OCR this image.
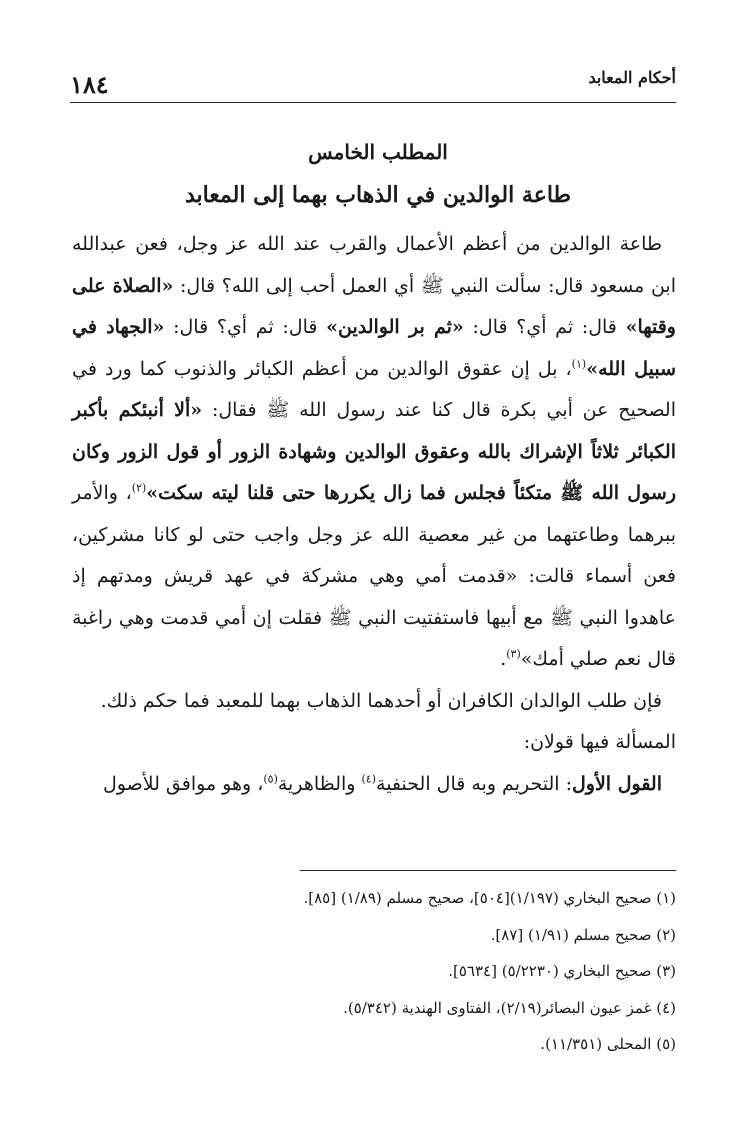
١٨٤	أحكام المعابد
المطلب الخامس
طاعة الوالدين في الذهاب بهما إلى المعابد

طاعة الوالدين من أعظم الأعمال والقرب عند الله عز وجل، فعن عبدالله ابن مسعود قال: سألت النبي ﷺ أي العمل أحب إلى الله؟ قال: «الصلاة على وقتها» قال: ثم أي؟ قال: «ثم بر الوالدين» قال: ثم أي؟ قال: «الجهاد في سبيل الله»$^{(١)}$، بل إن عقوق الوالدين من أعظم الكبائر والذنوب كما ورد في الصحيح عن أبي بكرة قال كنا عند رسول الله ﷺ فقال: «ألا أنبئكم بأكبر الكبائر ثلاثاً الإشراك بالله وعقوق الوالدين وشهادة الزور أو قول الزور وكان رسول الله ﷺ متكئاً فجلس فما زال يكررها حتى قلنا ليته سكت»$^{(٢)}$، والأمر ببرهما وطاعتهما من غير معصية الله عز وجل واجب حتى لو كانا مشركين، فعن أسماء قالت: «قدمت أمي وهي مشركة في عهد قريش ومدتهم إذ عاهدوا النبي ﷺ مع أبيها فاستفتيت النبي ﷺ فقلت إن أمي قدمت وهي راغبة قال نعم صلي أمك»$^{(٣)}$.

فإن طلب الوالدان الكافران أو أحدهما الذهاب بهما للمعبد فما حكم ذلك.

المسألة فيها قولان:

القول الأول: التحريم وبه قال الحنفية$^{(٤)}$ والظاهرية$^{(٥)}$، وهو موافق للأصول

(١) صحيح البخاري (١/١٩٧)[٥٠٤]، صحيح مسلم (١/٨٩) [٨٥].
(٢) صحيح مسلم (١/٩١) [٨٧].
(٣) صحيح البخاري (٥/٢٢٣٠) [٥٦٣٤].
(٤) غمز عيون البصائر(٢/١٩)، الفتاوى الهندية (٥/٣٤٢).
(٥) المحلى (١١/٣٥١).
